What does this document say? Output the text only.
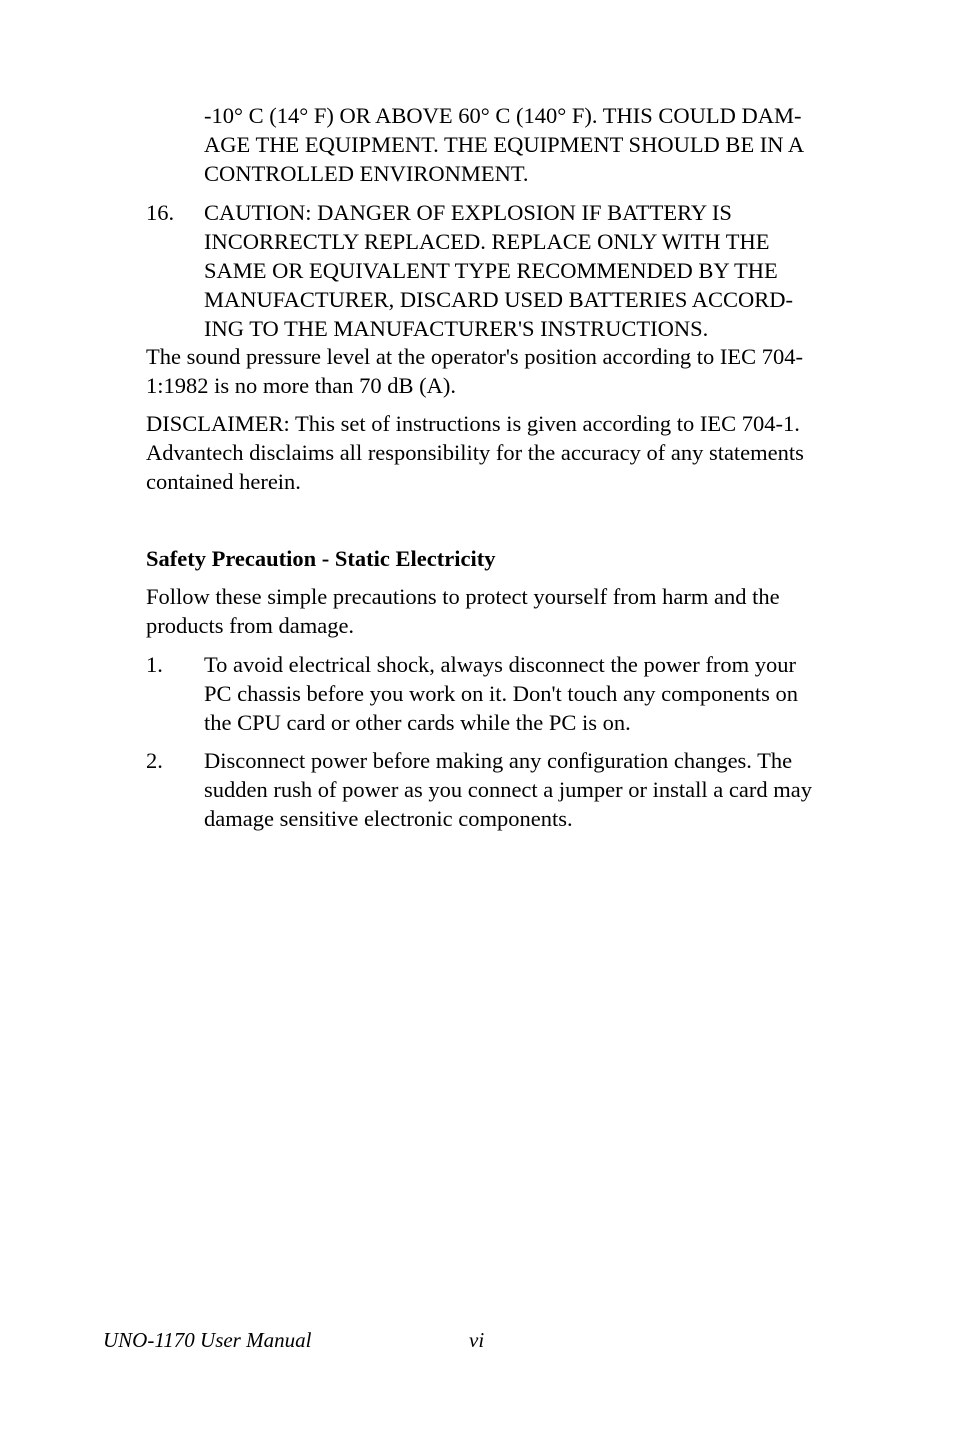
-10° C (14° F) OR ABOVE 60° C (140° F). THIS COULD DAM-
AGE THE EQUIPMENT. THE EQUIPMENT SHOULD BE IN A
CONTROLLED ENVIRONMENT.
16. CAUTION: DANGER OF EXPLOSION IF BATTERY IS
INCORRECTLY REPLACED. REPLACE ONLY WITH THE
SAME OR EQUIVALENT TYPE RECOMMENDED BY THE
MANUFACTURER, DISCARD USED BATTERIES ACCORD-
ING TO THE MANUFACTURER'S INSTRUCTIONS.
The sound pressure level at the operator's position according to IEC 704-
1:1982 is no more than 70 dB (A).
DISCLAIMER: This set of instructions is given according to IEC 704-1.
Advantech disclaims all responsibility for the accuracy of any statements
contained herein.
Safety Precaution - Static Electricity
Follow these simple precautions to protect yourself from harm and the
products from damage.
1. To avoid electrical shock, always disconnect the power from your
PC chassis before you work on it. Don't touch any components on
the CPU card or other cards while the PC is on.
2. Disconnect power before making any configuration changes. The
sudden rush of power as you connect a jumper or install a card may
damage sensitive electronic components.
UNO-1170 User Manual	vi
